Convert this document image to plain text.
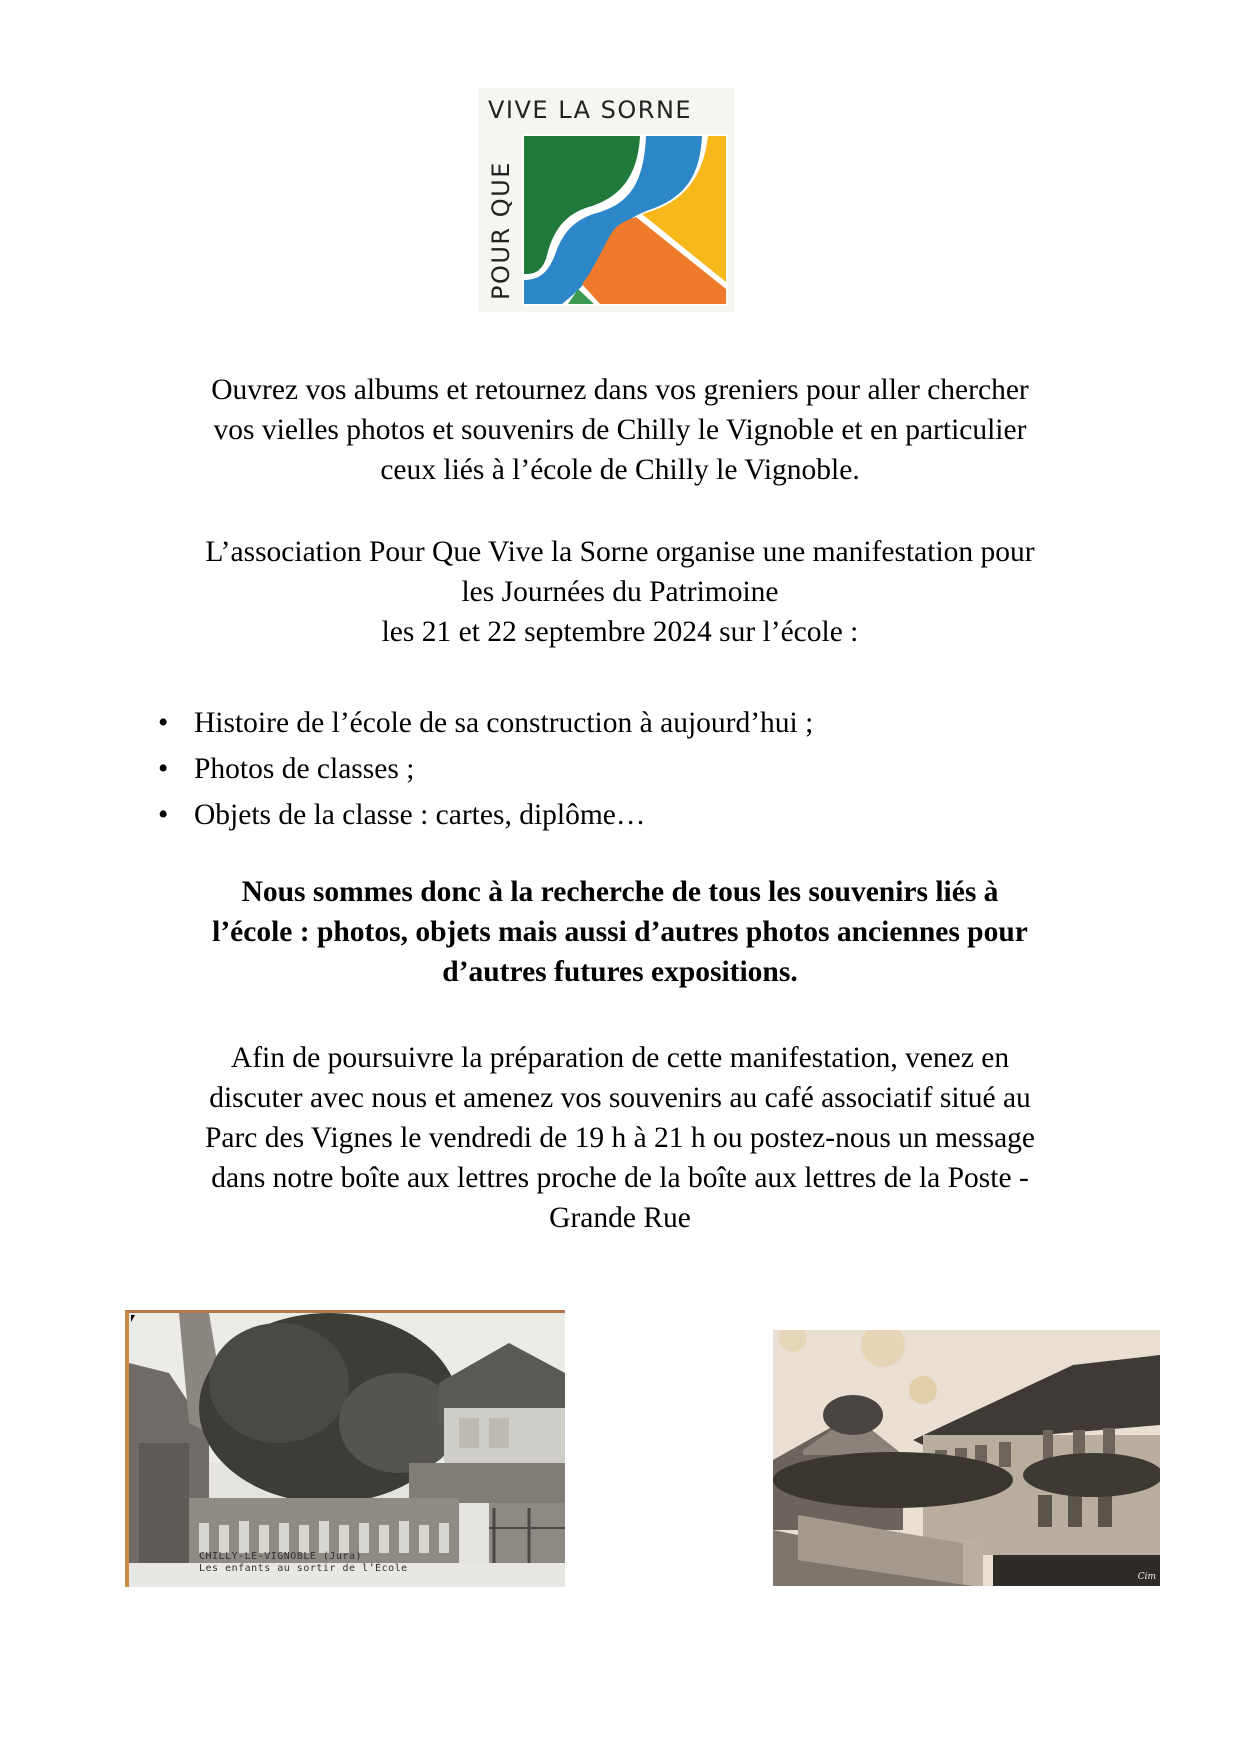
VIVE LA SORNE
POUR QUE

Ouvrez vos albums et retournez dans vos greniers pour aller chercher
vos vielles photos et souvenirs de Chilly le Vignoble et en particulier
ceux liés à l’école de Chilly le Vignoble.

L’association Pour Que Vive la Sorne organise une manifestation pour
les Journées du Patrimoine
les 21 et 22 septembre 2024 sur l’école :

• Histoire de l’école de sa construction à aujourd’hui ;
• Photos de classes ;
• Objets de la classe : cartes, diplôme…

Nous sommes donc à la recherche de tous les souvenirs liés à
l’école : photos, objets mais aussi d’autres photos anciennes pour
d’autres futures expositions.

Afin de poursuivre la préparation de cette manifestation, venez en
discuter avec nous et amenez vos souvenirs au café associatif situé au
Parc des Vignes le vendredi de 19 h à 21 h ou postez-nous un message
dans notre boîte aux lettres proche de la boîte aux lettres de la Poste -
Grande Rue

CHILLY-LE-VIGNOBLE (Jura)
Les enfants au sortir de l’École
Cim
